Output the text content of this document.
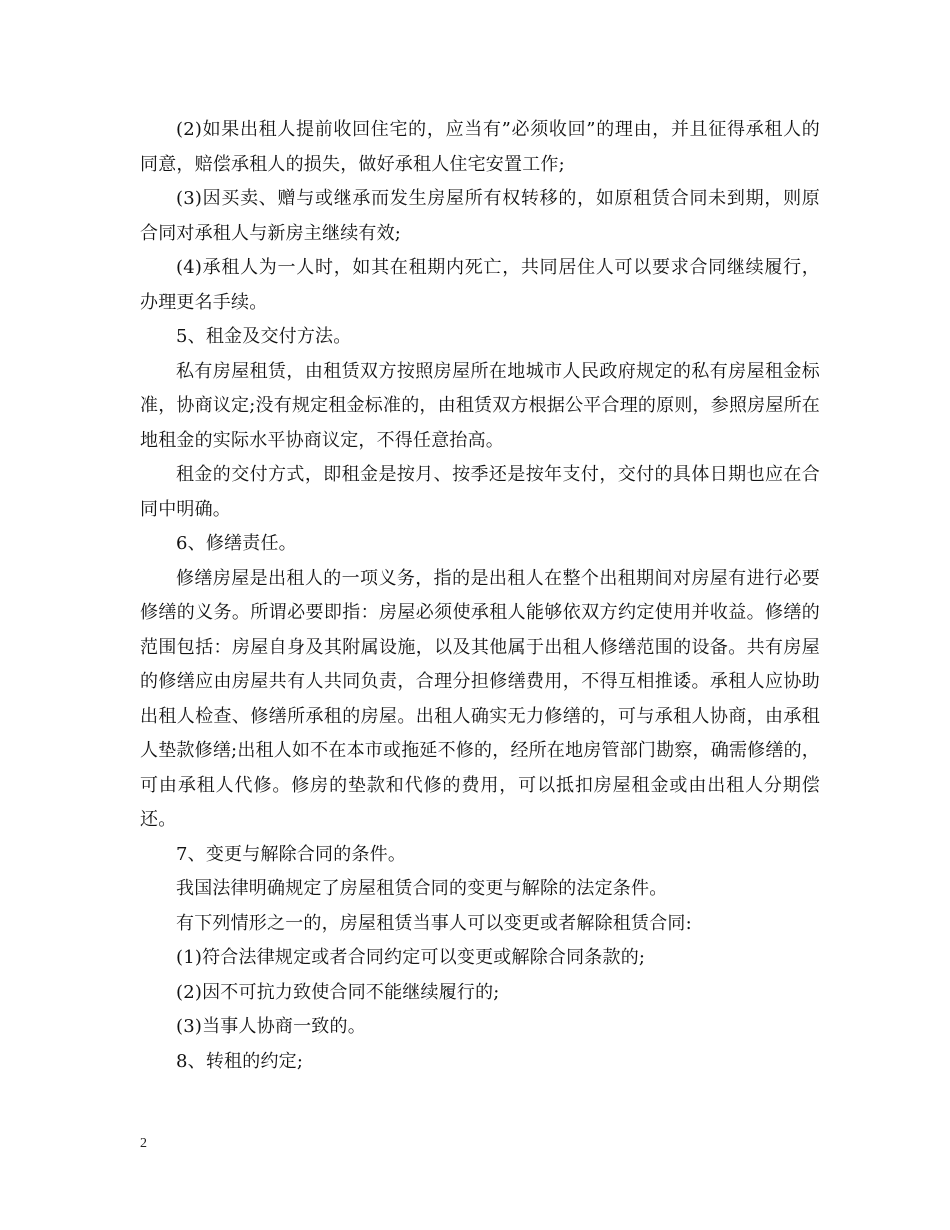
(2)如果出租人提前收回住宅的，应当有”必须收回”的理由，并且征得承租人的同意，赔偿承租人的损失，做好承租人住宅安置工作;

(3)因买卖、赠与或继承而发生房屋所有权转移的，如原租赁合同未到期，则原合同对承租人与新房主继续有效;

(4)承租人为一人时，如其在租期内死亡，共同居住人可以要求合同继续履行，办理更名手续。

5、租金及交付方法。

私有房屋租赁，由租赁双方按照房屋所在地城市人民政府规定的私有房屋租金标准，协商议定;没有规定租金标准的，由租赁双方根据公平合理的原则，参照房屋所在地租金的实际水平协商议定，不得任意抬高。

租金的交付方式，即租金是按月、按季还是按年支付，交付的具体日期也应在合同中明确。

6、修缮责任。

修缮房屋是出租人的一项义务，指的是出租人在整个出租期间对房屋有进行必要修缮的义务。所谓必要即指：房屋必须使承租人能够依双方约定使用并收益。修缮的范围包括：房屋自身及其附属设施，以及其他属于出租人修缮范围的设备。共有房屋的修缮应由房屋共有人共同负责，合理分担修缮费用，不得互相推诿。承租人应协助出租人检查、修缮所承租的房屋。出租人确实无力修缮的，可与承租人协商，由承租人垫款修缮;出租人如不在本市或拖延不修的，经所在地房管部门勘察，确需修缮的，可由承租人代修。修房的垫款和代修的费用，可以抵扣房屋租金或由出租人分期偿还。

7、变更与解除合同的条件。

我国法律明确规定了房屋租赁合同的变更与解除的法定条件。

有下列情形之一的，房屋租赁当事人可以变更或者解除租赁合同:

(1)符合法律规定或者合同约定可以变更或解除合同条款的;

(2)因不可抗力致使合同不能继续履行的;

(3)当事人协商一致的。

8、转租的约定;

2
